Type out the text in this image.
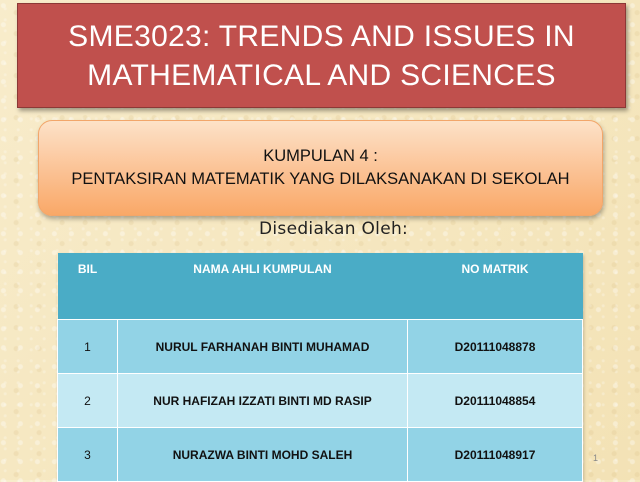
SME3023: TRENDS AND ISSUES IN
MATHEMATICAL AND SCIENCES
KUMPULAN 4 :
PENTAKSIRAN MATEMATIK YANG DILAKSANAKAN DI SEKOLAH
Disediakan Oleh:
BIL	NAMA AHLI KUMPULAN	NO MATRIK
1	NURUL FARHANAH BINTI MUHAMAD	D20111048878
2	NUR HAFIZAH IZZATI BINTI MD RASIP	D20111048854
3	NURAZWA BINTI MOHD SALEH	D20111048917	1
